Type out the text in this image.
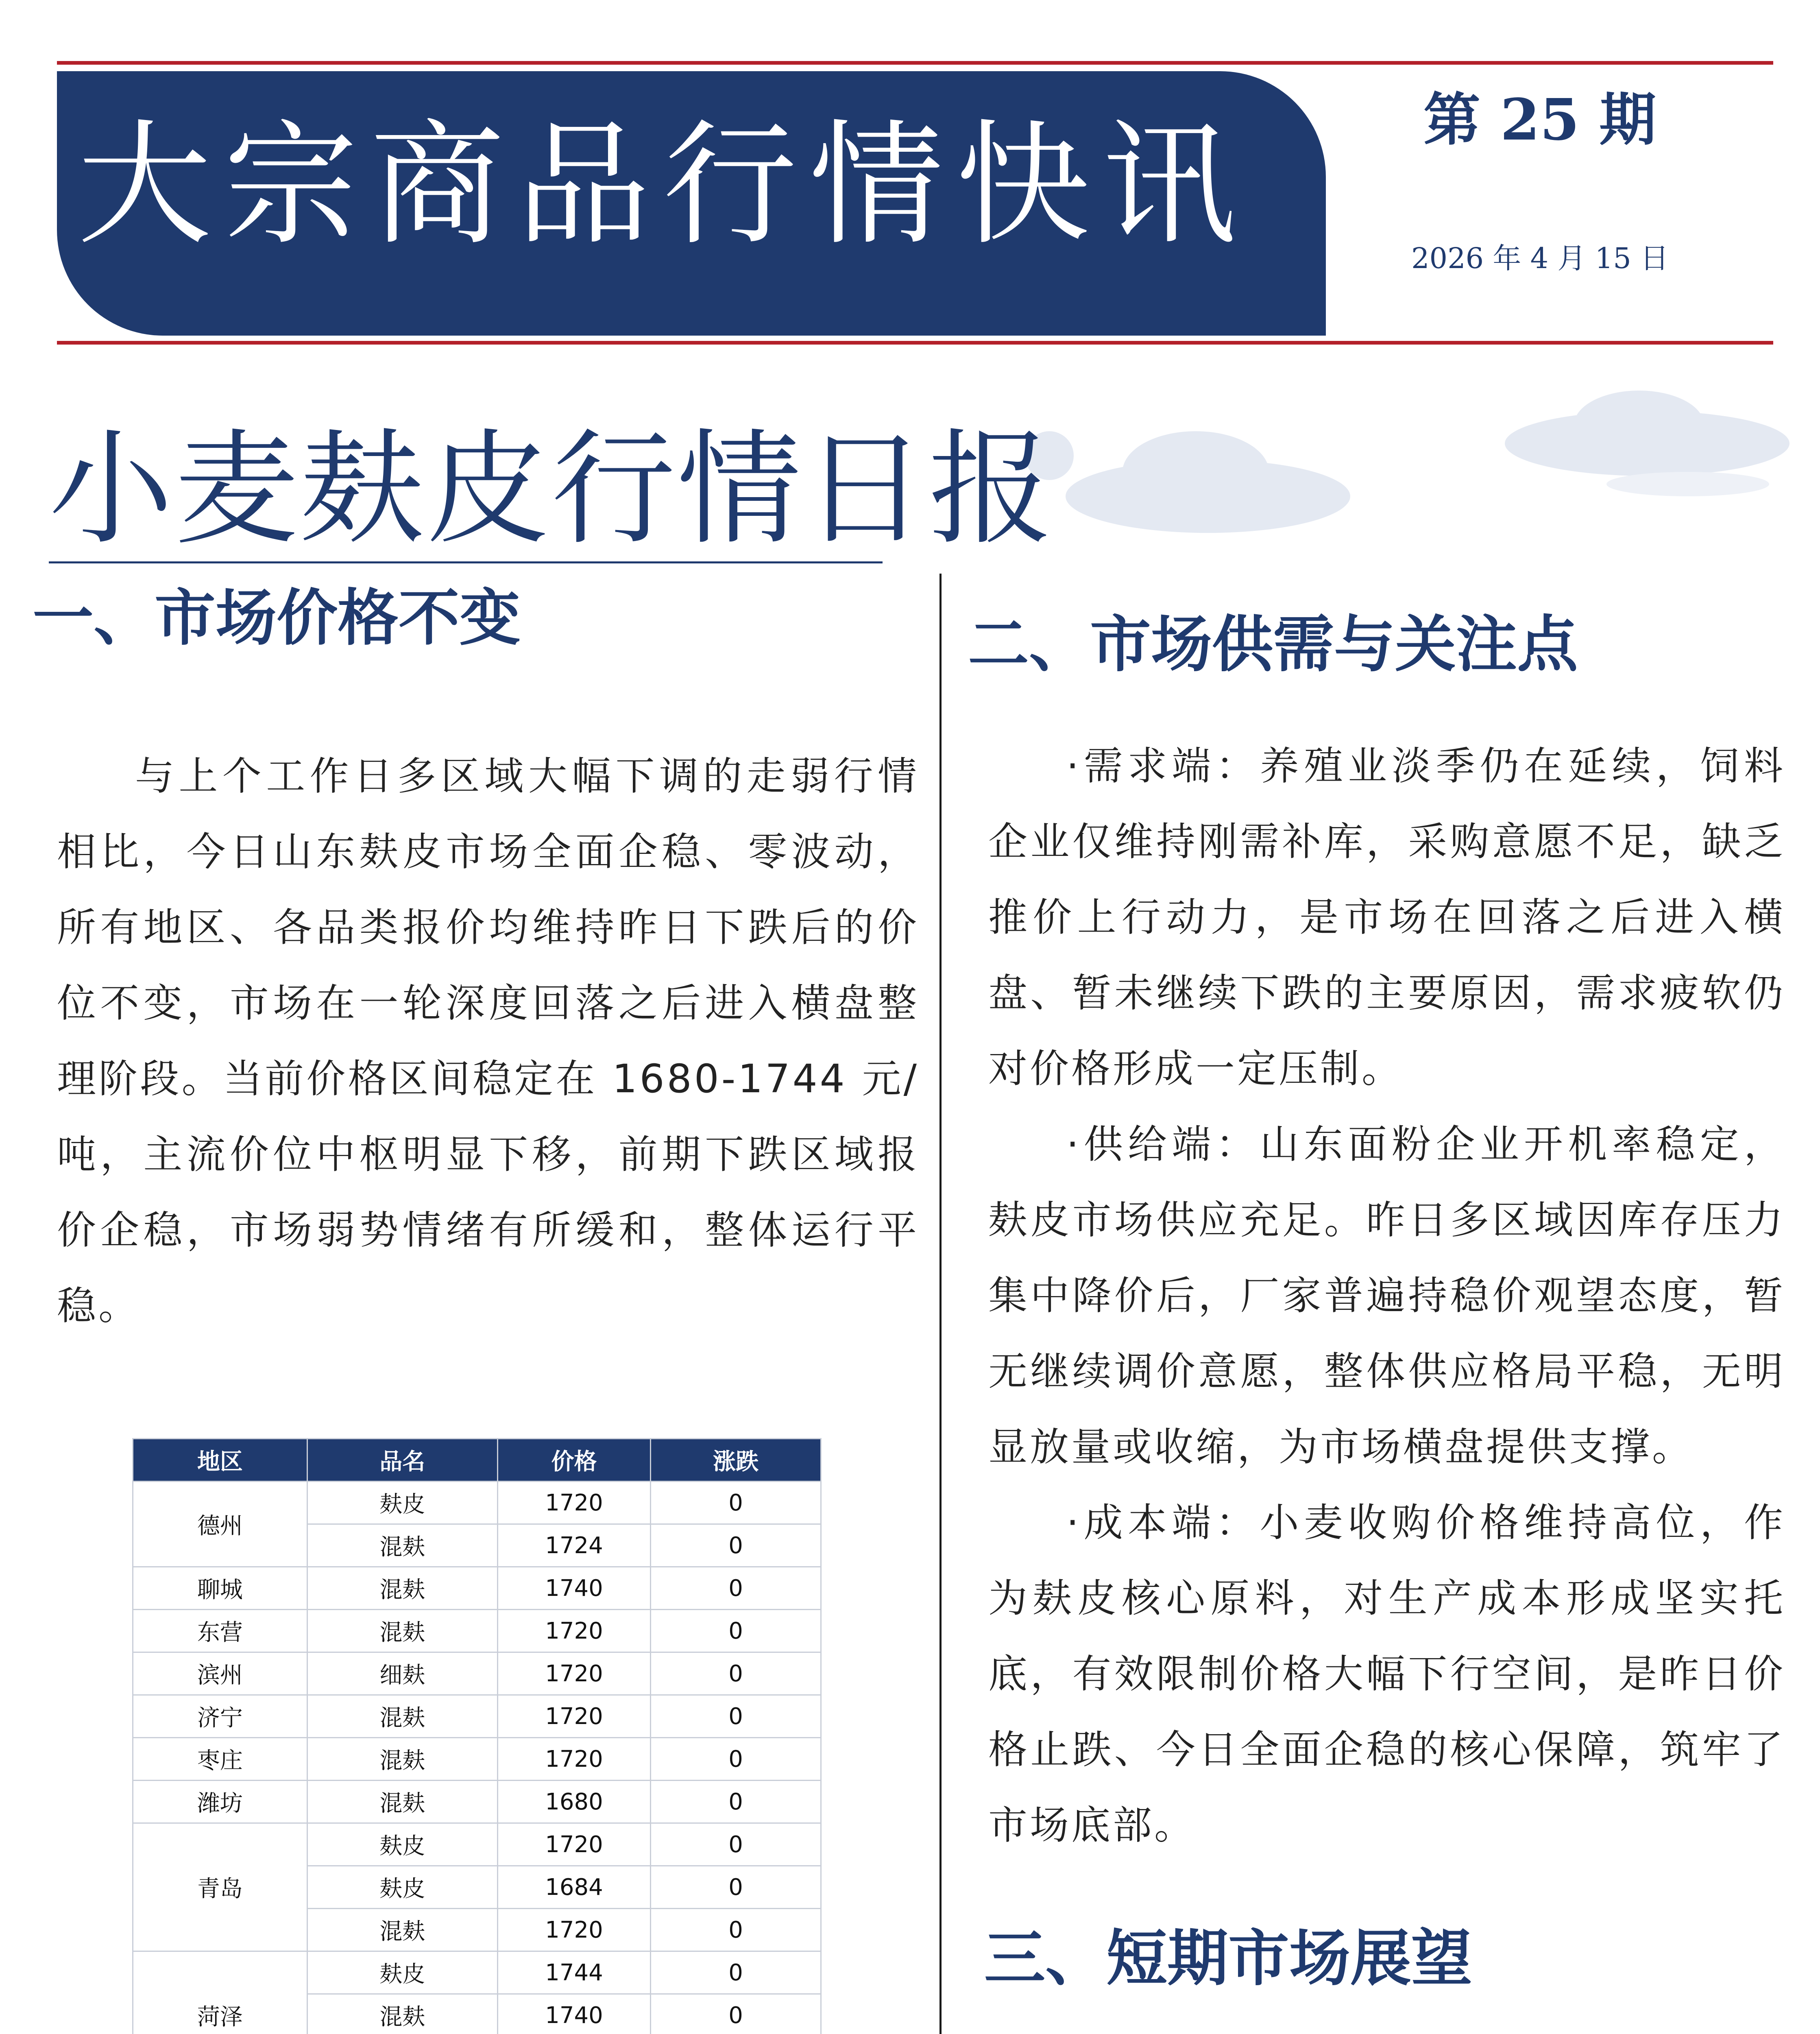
大宗商品行情快讯	第 25 期
2026 年 4 月 15 日
小麦麸皮行情日报
一、市场价格不变

与上个工作日多区域大幅下调的走弱行情相比，今日山东麸皮市场全面企稳、零波动，所有地区、各品类报价均维持昨日下跌后的价位不变，市场在一轮深度回落之后进入横盘整理阶段。当前价格区间稳定在 1680-1744 元/吨，主流价位中枢明显下移，前期下跌区域报价企稳，市场弱势情绪有所缓和，整体运行平稳。

地区	品名	价格	涨跌
德州	麸皮	1720	0
	混麸	1724	0
聊城	混麸	1740	0
东营	混麸	1720	0
滨州	细麸	1720	0
济宁	混麸	1720	0
枣庄	混麸	1720	0
潍坊	混麸	1680	0
青岛	麸皮	1720	0
	麸皮	1684	0
	混麸	1720	0
菏泽	麸皮	1744	0
	混麸	1740	0

二、市场供需与关注点

·需求端：养殖业淡季仍在延续，饲料企业仅维持刚需补库，采购意愿不足，缺乏推价上行动力，是市场在回落之后进入横盘、暂未继续下跌的主要原因，需求疲软仍对价格形成一定压制。

·供给端：山东面粉企业开机率稳定，麸皮市场供应充足。昨日多区域因库存压力集中降价后，厂家普遍持稳价观望态度，暂无继续调价意愿，整体供应格局平稳，无明显放量或收缩，为市场横盘提供支撑。

·成本端：小麦收购价格维持高位，作为麸皮核心原料，对生产成本形成坚实托底，有效限制价格大幅下行空间，是昨日价格止跌、今日全面企稳的核心保障，筑牢了市场底部。

三、短期市场展望
